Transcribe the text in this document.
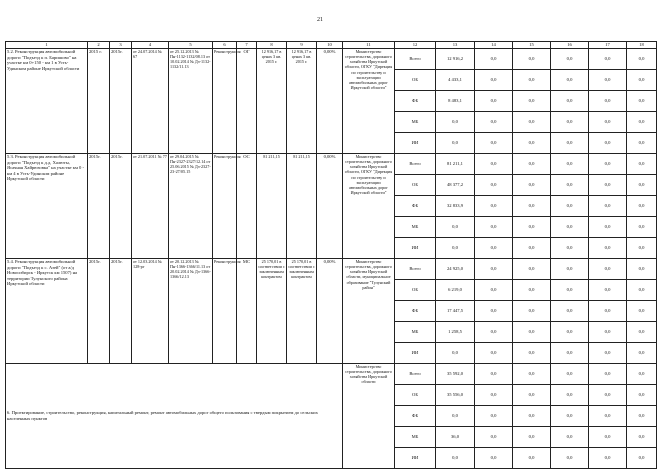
21
1	2	3	4	5	6	7	8	9	10	11	12	13	14	15	16	17	18
5.2. Реконструкция автомобильной дороги "Подъезд к п. Баришово" на участке км 0+150 - км 1 в Усть-Удинском районе Иркутской области	2015 г.	2015г.	от 24.07.2014 № 67	от 25.12.2013 № Пн-1132-1132/08.13 от 10.02.2014 № Дз-1132-1132/11.13	Реконструкция	ОГ	12 916,17 в ценах 3 кв. 2015 г.	12 916,17 в ценах 3 кв. 2015 г.	0,00%	Министерство строительства, дорожного хозяйства Иркутской области, ОГКУ "Дирекция по строительству и эксплуатации автомобильных дорог Иркутской области"	Всего	12 916,2	0,0	0,0	0,0	0,0	0,0
											ОБ	4 433,1	0,0	0,0	0,0	0,0	0,0
											ФБ	8 483,1	0,0	0,0	0,0	0,0	0,0
											МБ	0,0	0,0	0,0	0,0	0,0	0,0
											ИИ	0,0	0,0	0,0	0,0	0,0	0,0
5.3. Реконструкция автомобильной дороги "Подъезд к д.д. Халюты, Ясачная Хайрюзовка" на участке км 0 - км 4 в Усть-Удинском районе Иркутской области	2015г.	2015г.	от 21.07.2011 № 77	от 29.04.2015 № Пн-2327-2327/12.14 от 25.06.2015 № Дз-2327-23-27/05.15	Реконструкция	ОС	81 211,15	81 211,15	0,00%	Министерство строительства, дорожного хозяйства Иркутской области, ОГКУ "Дирекция по строительству и эксплуатации автомобильных дорог Иркутской области"	Всего	81 211,1	0,0	0,0	0,0	0,0	0,0
											ОБ	48 377,2	0,0	0,0	0,0	0,0	0,0
											ФБ	32 833,9	0,0	0,0	0,0	0,0	0,0
											МБ	0,0	0,0	0,0	0,0	0,0	0,0
											ИИ	0,0	0,0	0,0	0,0	0,0	0,0
5.4. Реконструкция автомобильной дороги "Подъезд к с. Азей" (от а/д Новосибирск - Иркутск км 1507) на территории Тулунского района Иркутской области	2015г.	2015г.	от 12.03.2014 № 128-рг	от 20.12.2013 № Пн-1366-1366/11.13 от 20.02.2014 № Дз-1366-1366/12.13	Реконструкция	МС	25 170,01 в соответствии с заключенным контрактом	25 170,01 в соответствии с заключенным контрактом	0,00%	Министерство строительства, дорожного хозяйства Иркутской области, муниципальное образование "Тулунский район"	Всего	24 925,0	0,0	0,0	0,0	0,0	0,0
											ОБ	6 219,0	0,0	0,0	0,0	0,0	0,0
											ФБ	17 447,5	0,0	0,0	0,0	0,0	0,0
											МБ	1 258,5	0,0	0,0	0,0	0,0	0,0
											ИИ	0,0	0,0	0,0	0,0	0,0	0,0
6. Проектирование, строительство, реконструкция, капитальный ремонт, ремонт автомобильных дорог общего пользования с твердым покрытием до сельских населенных пунктов										Министерство строительства, дорожного хозяйства Иркутской области	Всего	35 592,0	0,0	0,0	0,0	0,0	0,0
											ОБ	35 556,0	0,0	0,0	0,0	0,0	0,0
											ФБ	0,0	0,0	0,0	0,0	0,0	0,0
											МБ	36,0	0,0	0,0	0,0	0,0	0,0
											ИИ	0,0	0,0	0,0	0,0	0,0	0,0
